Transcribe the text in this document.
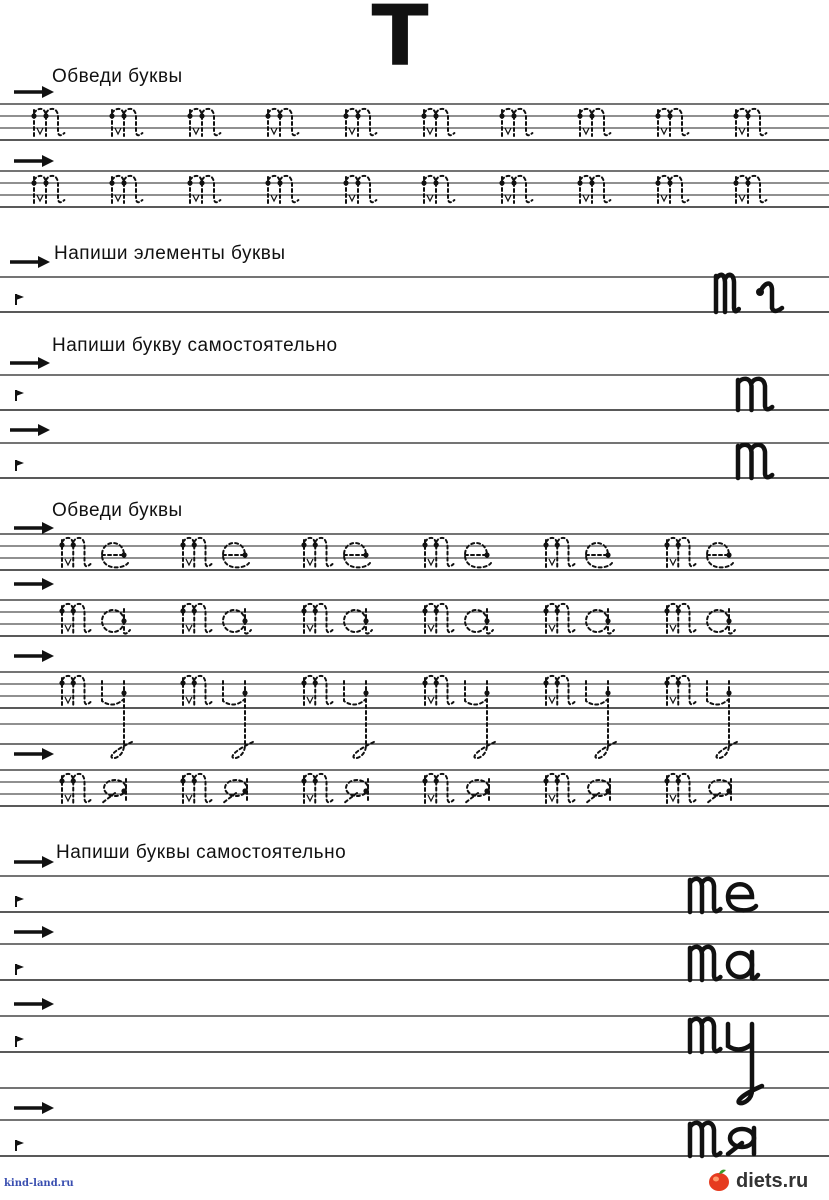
Т
Обведи буквы
Напиши элементы буквы
Напиши букву самостоятельно
Обведи буквы
Напиши буквы самостоятельно
kind-land.ru	diets.ru
